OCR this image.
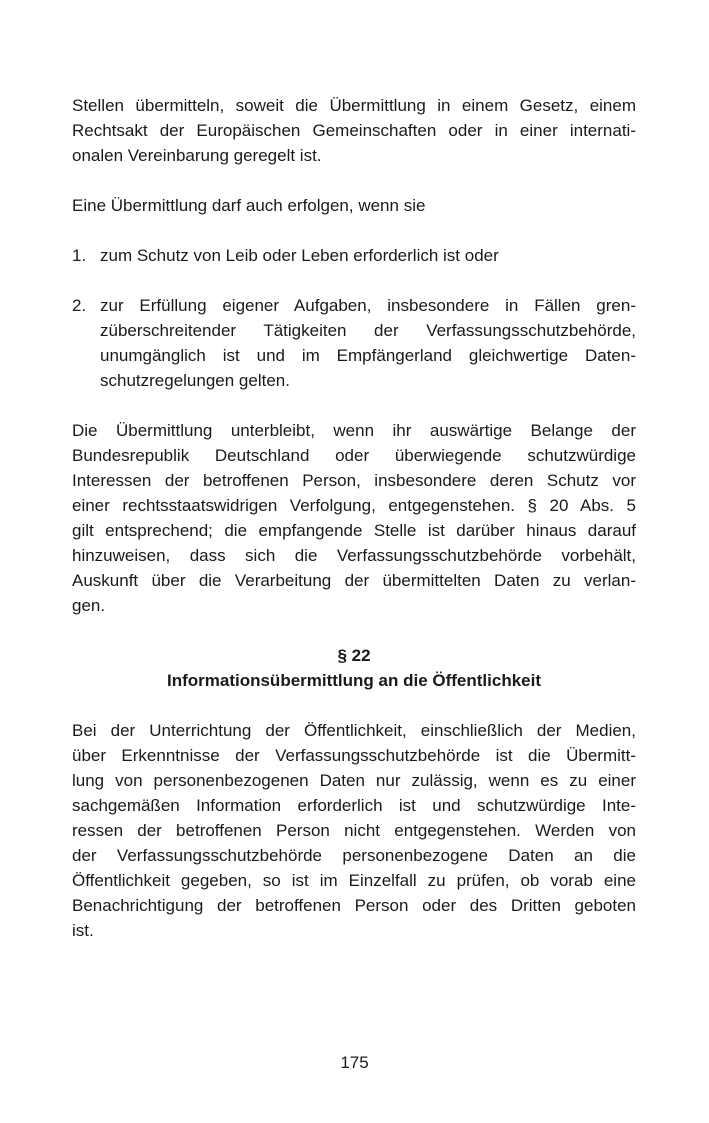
Stellen übermitteln, soweit die Übermittlung in einem Gesetz, einem
Rechtsakt der Europäischen Gemeinschaften oder in einer internati-
onalen Vereinbarung geregelt ist.
Eine Übermittlung darf auch erfolgen, wenn sie
1. zum Schutz von Leib oder Leben erforderlich ist oder
2. zur Erfüllung eigener Aufgaben, insbesondere in Fällen gren-
züberschreitender Tätigkeiten der Verfassungsschutzbehörde,
unumgänglich ist und im Empfängerland gleichwertige Daten-
schutzregelungen gelten.
Die Übermittlung unterbleibt, wenn ihr auswärtige Belange der
Bundesrepublik Deutschland oder überwiegende schutzwürdige
Interessen der betroffenen Person, insbesondere deren Schutz vor
einer rechtsstaatswidrigen Verfolgung, entgegenstehen. § 20 Abs. 5
gilt entsprechend; die empfangende Stelle ist darüber hinaus darauf
hinzuweisen, dass sich die Verfassungsschutzbehörde vorbehält,
Auskunft über die Verarbeitung der übermittelten Daten zu verlan-
gen.
§ 22
Informationsübermittlung an die Öffentlichkeit
Bei der Unterrichtung der Öffentlichkeit, einschließlich der Medien,
über Erkenntnisse der Verfassungsschutzbehörde ist die Übermitt-
lung von personenbezogenen Daten nur zulässig, wenn es zu einer
sachgemäßen Information erforderlich ist und schutzwürdige Inte-
ressen der betroffenen Person nicht entgegenstehen. Werden von
der Verfassungsschutzbehörde personenbezogene Daten an die
Öffentlichkeit gegeben, so ist im Einzelfall zu prüfen, ob vorab eine
Benachrichtigung der betroffenen Person oder des Dritten geboten
ist.
175
